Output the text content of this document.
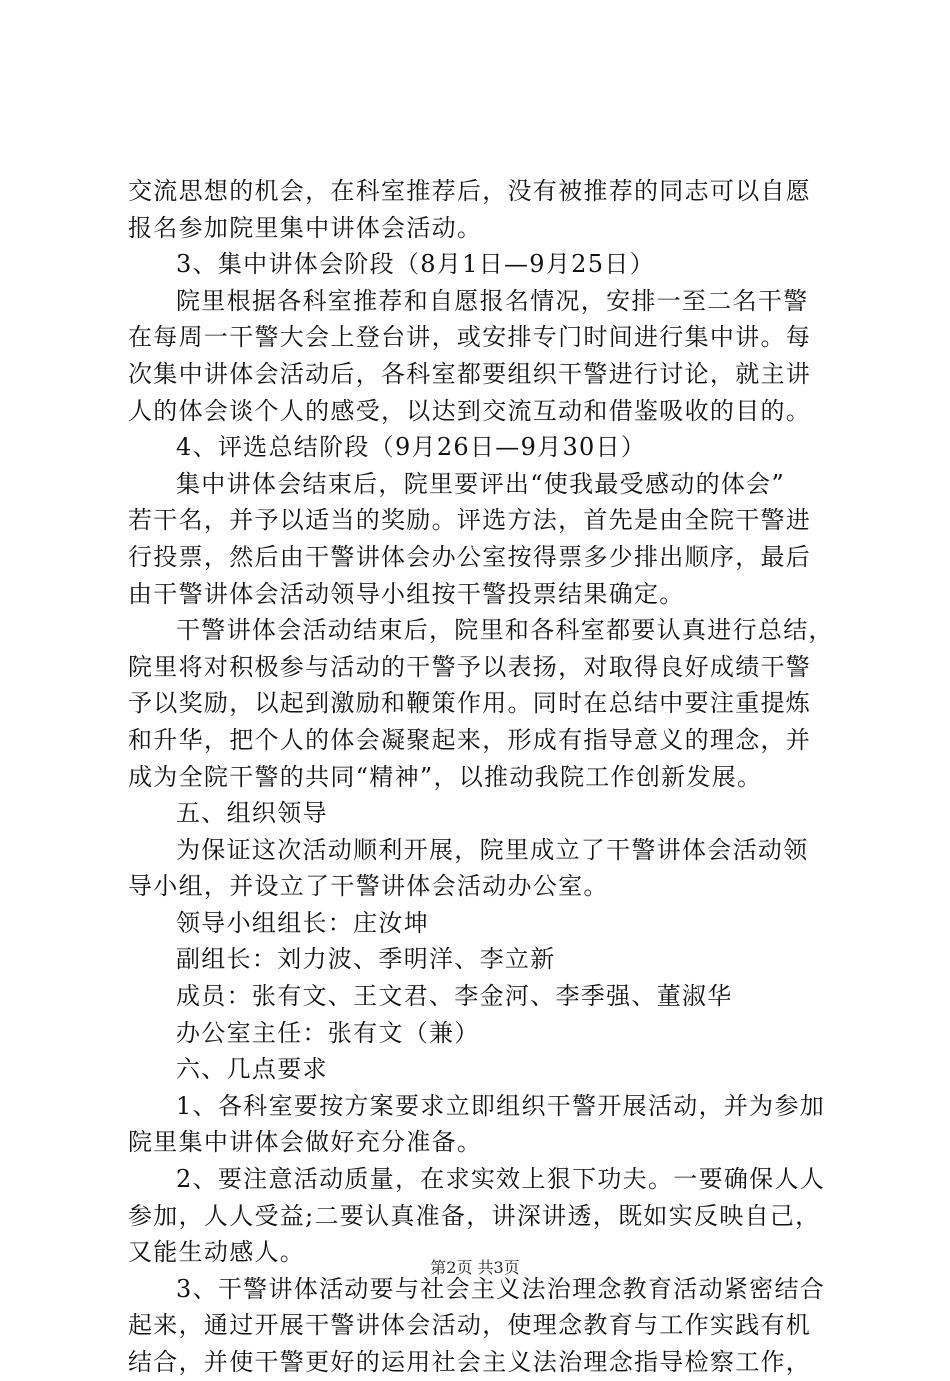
交流思想的机会，在科室推荐后，没有被推荐的同志可以自愿
报名参加院里集中讲体会活动。
3、集中讲体会阶段（8月1日—9月25日）
院里根据各科室推荐和自愿报名情况，安排一至二名干警
在每周一干警大会上登台讲，或安排专门时间进行集中讲。每
次集中讲体会活动后，各科室都要组织干警进行讨论，就主讲
人的体会谈个人的感受，以达到交流互动和借鉴吸收的目的。
4、评选总结阶段（9月26日—9月30日）
集中讲体会结束后，院里要评出“使我最受感动的体会”
若干名，并予以适当的奖励。评选方法，首先是由全院干警进
行投票，然后由干警讲体会办公室按得票多少排出顺序，最后
由干警讲体会活动领导小组按干警投票结果确定。
干警讲体会活动结束后，院里和各科室都要认真进行总结，
院里将对积极参与活动的干警予以表扬，对取得良好成绩干警
予以奖励，以起到激励和鞭策作用。同时在总结中要注重提炼
和升华，把个人的体会凝聚起来，形成有指导意义的理念，并
成为全院干警的共同“精神”，以推动我院工作创新发展。
五、组织领导
为保证这次活动顺利开展，院里成立了干警讲体会活动领
导小组，并设立了干警讲体会活动办公室。
领导小组组长：庄汝坤
副组长：刘力波、季明洋、李立新
成员：张有文、王文君、李金河、李季强、董淑华
办公室主任：张有文（兼）
六、几点要求
1、各科室要按方案要求立即组织干警开展活动，并为参加
院里集中讲体会做好充分准备。
2、要注意活动质量，在求实效上狠下功夫。一要确保人人
参加，人人受益;二要认真准备，讲深讲透，既如实反映自己，
又能生动感人。
3、干警讲体活动要与社会主义法治理念教育活动紧密结合
起来，通过开展干警讲体会活动，使理念教育与工作实践有机
结合，并使干警更好的运用社会主义法治理念指导检察工作，
第2页 共3页
